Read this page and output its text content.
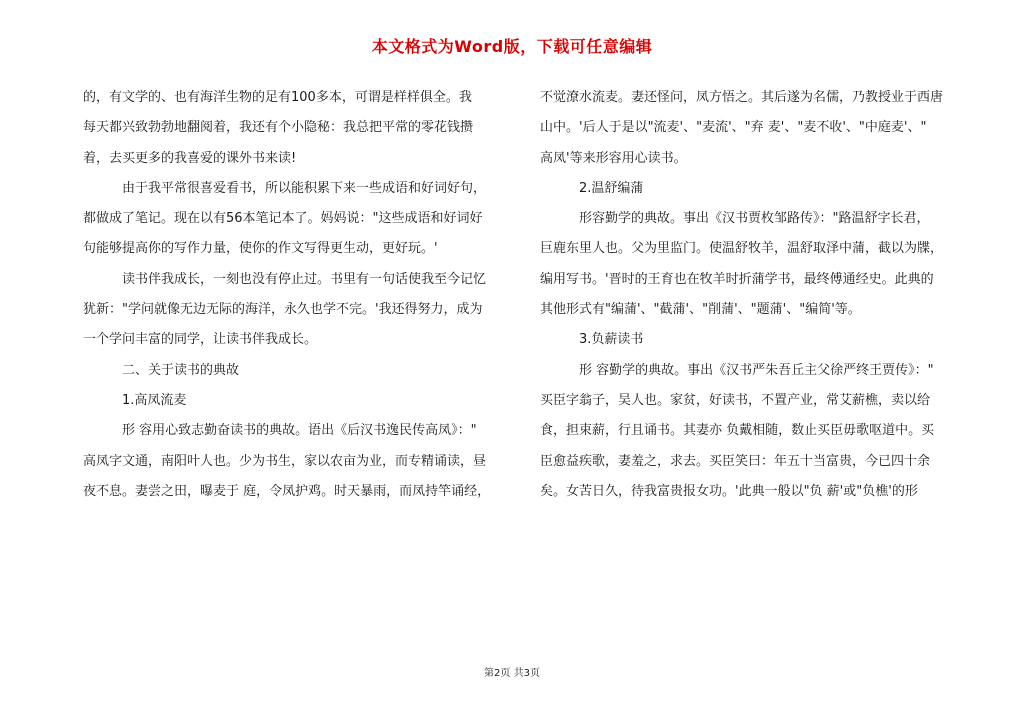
本文格式为Word版，下载可任意编辑
的，有文学的、也有海洋生物的足有100多本，可谓是样样俱全。我
每天都兴致勃勃地翻阅着，我还有个小隐秘：我总把平常的零花钱攒
着，去买更多的我喜爱的课外书来读!
由于我平常很喜爱看书，所以能积累下来一些成语和好词好句，
都做成了笔记。现在以有56本笔记本了。妈妈说："这些成语和好词好
句能够提高你的写作力量，使你的作文写得更生动，更好玩。'
读书伴我成长，一刻也没有停止过。书里有一句话使我至今记忆
犹新："学问就像无边无际的海洋，永久也学不完。'我还得努力，成为
一个学问丰富的同学，让读书伴我成长。
二、关于读书的典故
1.高凤流麦
形 容用心致志勤奋读书的典故。语出《后汉书逸民传高凤》："
高凤字文通，南阳叶人也。少为书生，家以农亩为业，而专精诵读，昼
夜不息。妻尝之田，曝麦于 庭，令凤护鸡。时天暴雨，而凤持竿诵经，
不觉潦水流麦。妻还怪问，凤方悟之。其后遂为名儒，乃教授业于西唐
山中。'后人于是以"流麦'、"麦流'、"弃 麦'、"麦不收'、"中庭麦'、"
高凤'等来形容用心读书。
2.温舒编蒲
形容勤学的典故。事出《汉书贾枚邹路传》："路温舒字长君，
巨鹿东里人也。父为里监门。使温舒牧羊，温舒取泽中蒲，截以为牒，
编用写书。'晋时的王育也在牧羊时折蒲学书，最终傅通经史。此典的
其他形式有"编蒲'、"截蒲'、"削蒲'、"题蒲'、"编简'等。
3.负薪读书
形 容勤学的典故。事出《汉书严朱吾丘主父徐严终王贾传》："
买臣字翁子，吴人也。家贫，好读书，不置产业，常艾薪樵，卖以给
食，担束薪，行且诵书。其妻亦 负戴相随，数止买臣毋歌呕道中。买
臣愈益疾歌，妻羞之，求去。买臣笑曰：年五十当富贵，今已四十余
矣。女苦日久，待我富贵报女功。'此典一般以"负 薪'或"负樵'的形
第2页 共3页
